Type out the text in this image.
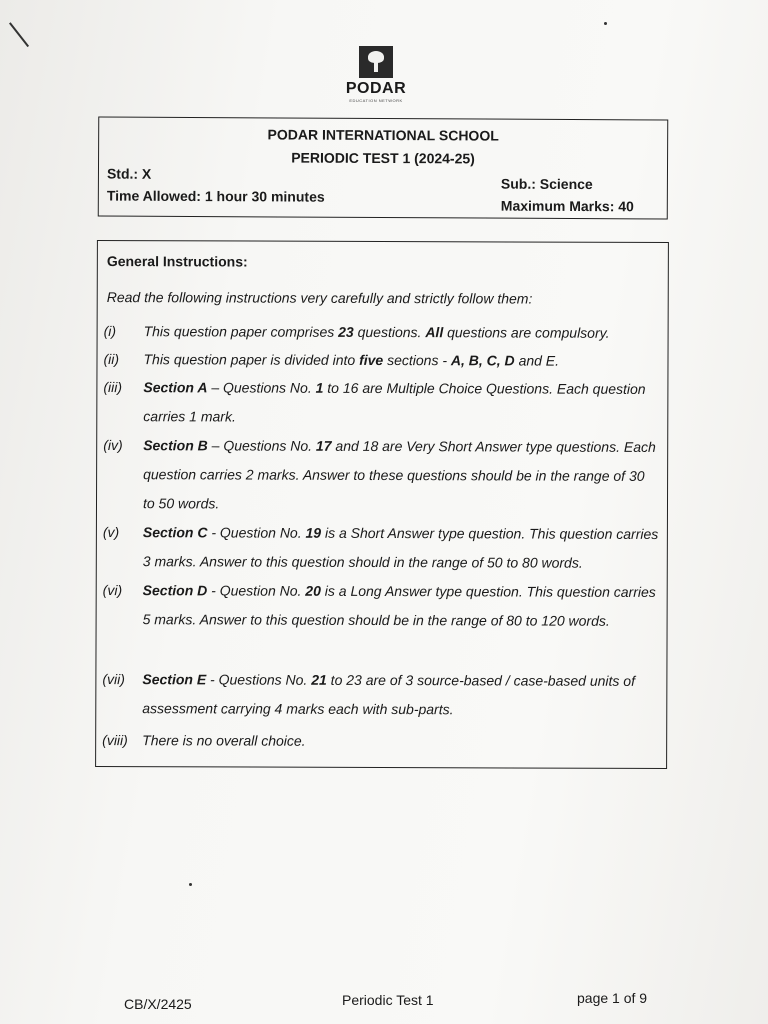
PODAR
EDUCATION NETWORK
PODAR INTERNATIONAL SCHOOL
PERIODIC TEST 1 (2024-25)
Std.: X
Time Allowed: 1 hour 30 minutes
Sub.: Science
Maximum Marks: 40
General Instructions:
Read the following instructions very carefully and strictly follow them:
(i)	This question paper comprises 23 questions. All questions are compulsory.
(ii)	This question paper is divided into five sections - A, B, C, D and E.
(iii)	Section A – Questions No. 1 to 16 are Multiple Choice Questions. Each question carries 1 mark.
(iv)	Section B – Questions No. 17 and 18 are Very Short Answer type questions. Each question carries 2 marks. Answer to these questions should be in the range of 30 to 50 words.
(v)	Section C - Question No. 19 is a Short Answer type question. This question carries 3 marks. Answer to this question should in the range of 50 to 80 words.
(vi)	Section D - Question No. 20 is a Long Answer type question. This question carries 5 marks. Answer to this question should be in the range of 80 to 120 words.
(vii)	Section E - Questions No. 21 to 23 are of 3 source-based / case-based units of assessment carrying 4 marks each with sub-parts.
(viii)	There is no overall choice.
CB/X/2425	Periodic Test 1	page 1 of 9
